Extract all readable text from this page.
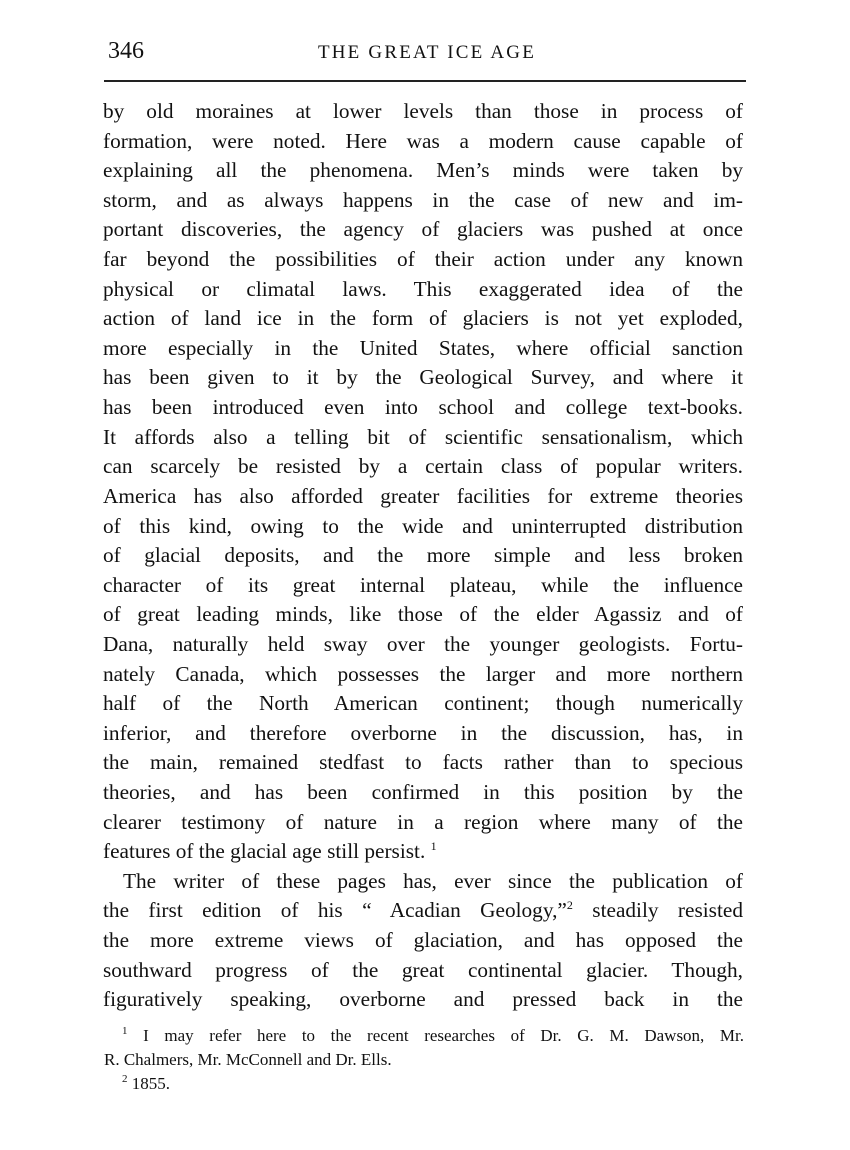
346	THE GREAT ICE AGE
by old moraines at lower levels than those in process of
formation, were noted. Here was a modern cause capable of
explaining all the phenomena. Men’s minds were taken by
storm, and as always happens in the case of new and im-
portant discoveries, the agency of glaciers was pushed at once
far beyond the possibilities of their action under any known
physical or climatal laws. This exaggerated idea of the
action of land ice in the form of glaciers is not yet exploded,
more especially in the United States, where official sanction
has been given to it by the Geological Survey, and where it
has been introduced even into school and college text-books.
It affords also a telling bit of scientific sensationalism, which
can scarcely be resisted by a certain class of popular writers.
America has also afforded greater facilities for extreme theories
of this kind, owing to the wide and uninterrupted distribution
of glacial deposits, and the more simple and less broken
character of its great internal plateau, while the influence
of great leading minds, like those of the elder Agassiz and of
Dana, naturally held sway over the younger geologists. Fortu-
nately Canada, which possesses the larger and more northern
half of the North American continent; though numerically
inferior, and therefore overborne in the discussion, has, in
the main, remained stedfast to facts rather than to specious
theories, and has been confirmed in this position by the
clearer testimony of nature in a region where many of the
features of the glacial age still persist. $^1$
The writer of these pages has, ever since the publication of
the first edition of his “ Acadian Geology,”$^2$ steadily resisted
the more extreme views of glaciation, and has opposed the
southward progress of the great continental glacier. Though,
figuratively speaking, overborne and pressed back in the
$^1$ I may refer here to the recent researches of Dr. G. M. Dawson, Mr.
R. Chalmers, Mr. McConnell and Dr. Ells.
$^2$ 1855.
